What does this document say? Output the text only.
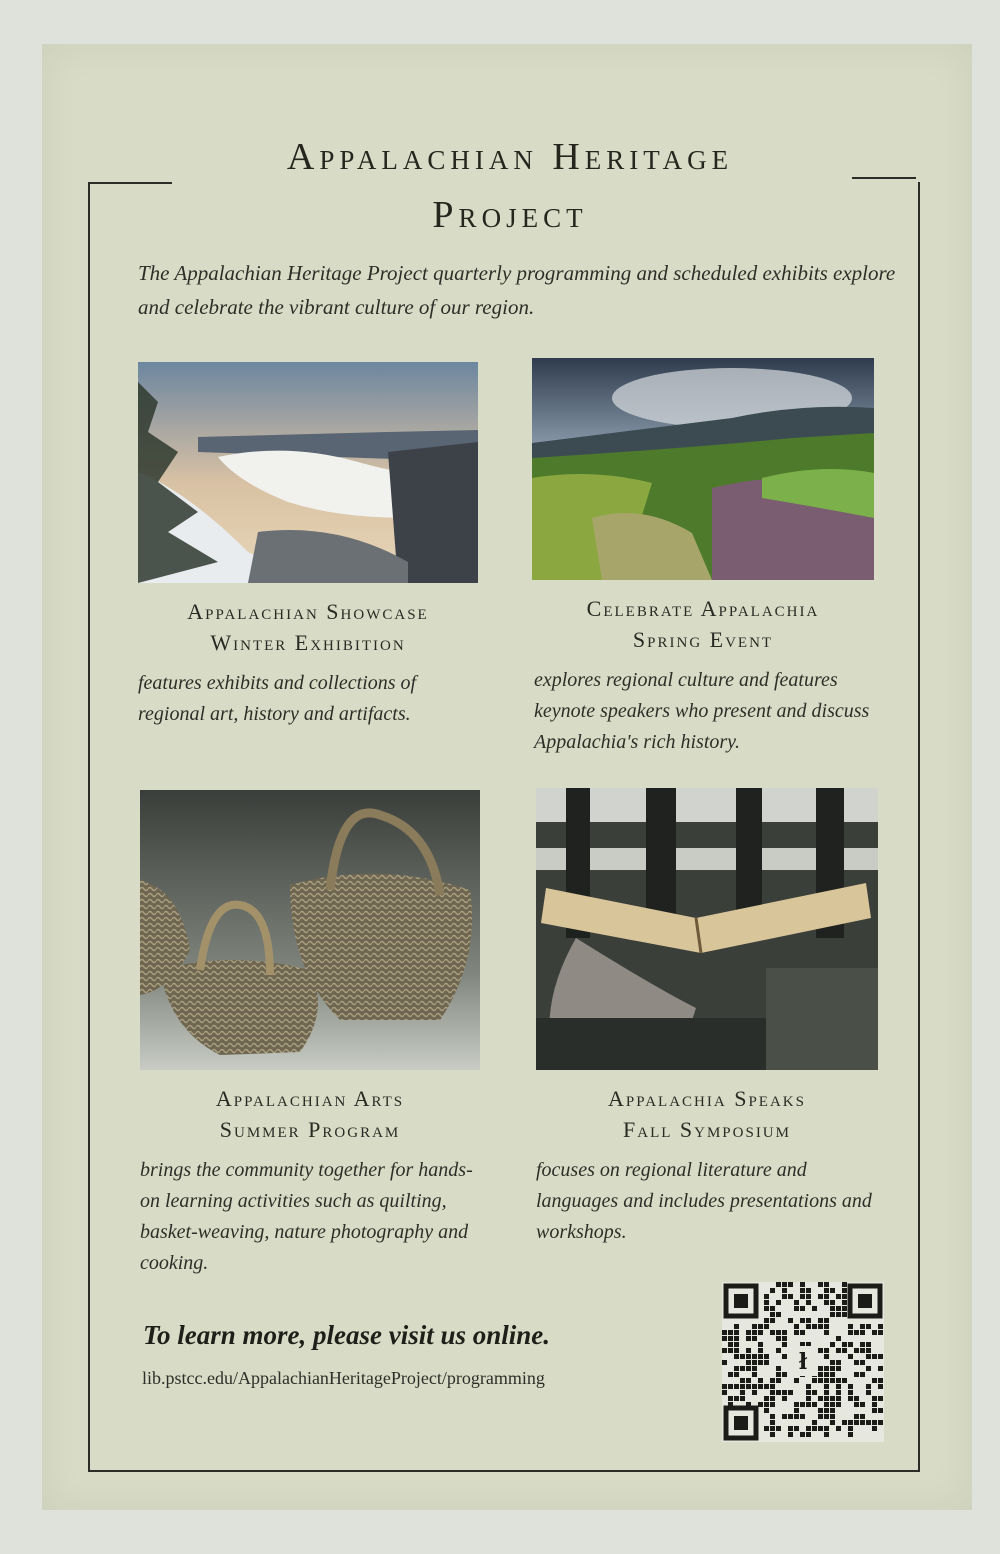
Appalachian Heritage
Project
The Appalachian Heritage Project quarterly programming and scheduled exhibits explore and celebrate the vibrant culture of our region.
Appalachian Showcase
Winter Exhibition
features exhibits and collections of regional art, history and artifacts.
Celebrate Appalachia
Spring Event
explores regional culture and features keynote speakers who present and discuss Appalachia's rich history.
Appalachian Arts
Summer Program
brings the community together for hands-on learning activities such as quilting, basket-weaving, nature photography and cooking.
Appalachia Speaks
Fall Symposium
focuses on regional literature and languages and includes presentations and workshops.
To learn more, please visit us online.
lib.pstcc.edu/AppalachianHeritageProject/programming
ł
